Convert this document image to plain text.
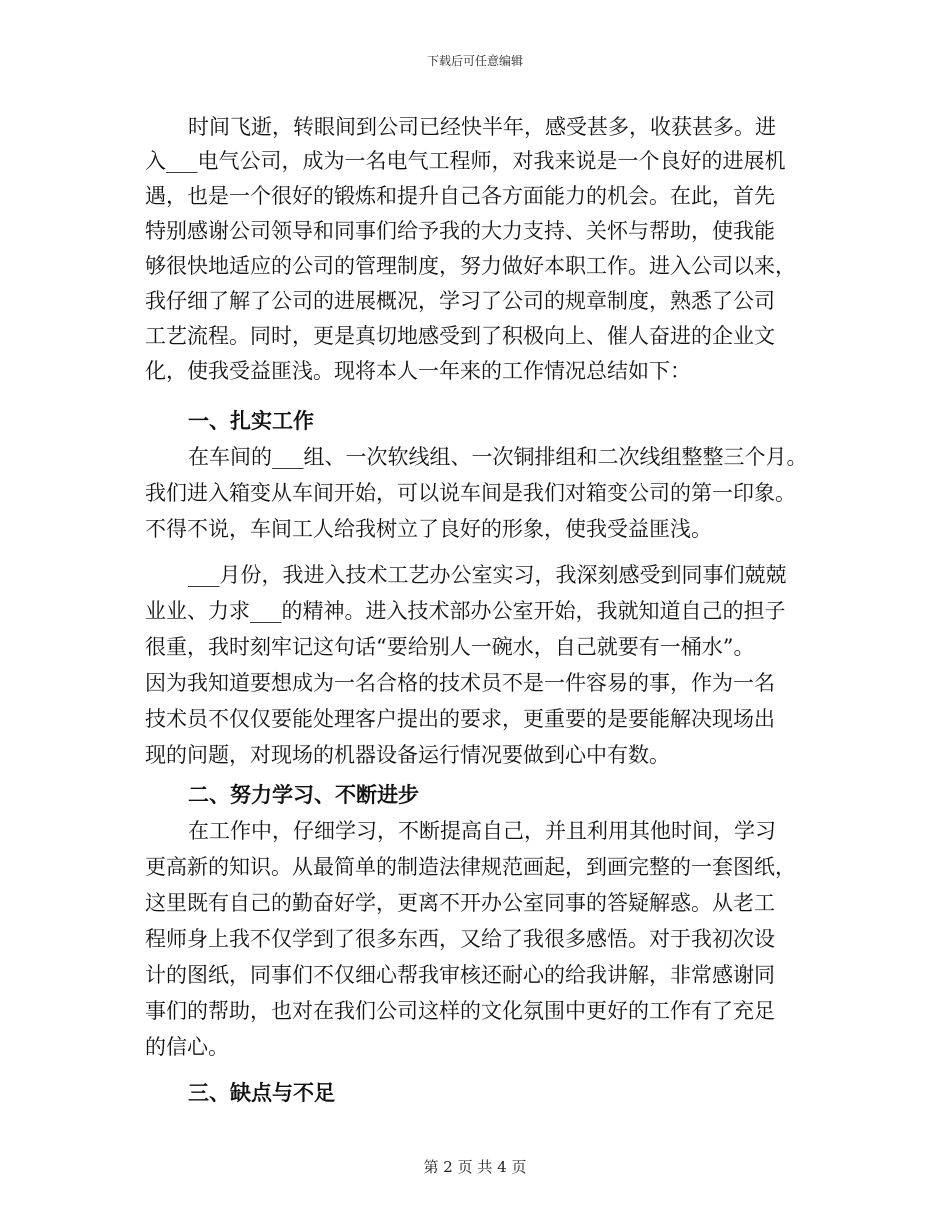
下载后可任意编辑
时间飞逝，转眼间到公司已经快半年，感受甚多，收获甚多。进
入___电气公司，成为一名电气工程师，对我来说是一个良好的进展机
遇，也是一个很好的锻炼和提升自己各方面能力的机会。在此，首先
特别感谢公司领导和同事们给予我的大力支持、关怀与帮助，使我能
够很快地适应的公司的管理制度，努力做好本职工作。进入公司以来，
我仔细了解了公司的进展概况，学习了公司的规章制度，熟悉了公司
工艺流程。同时，更是真切地感受到了积极向上、催人奋进的企业文
化，使我受益匪浅。现将本人一年来的工作情况总结如下：
一、扎实工作
在车间的___组、一次软线组、一次铜排组和二次线组整整三个月。
我们进入箱变从车间开始，可以说车间是我们对箱变公司的第一印象。
不得不说，车间工人给我树立了良好的形象，使我受益匪浅。
___月份，我进入技术工艺办公室实习，我深刻感受到同事们兢兢
业业、力求___的精神。进入技术部办公室开始，我就知道自己的担子
很重，我时刻牢记这句话“要给别人一碗水，自己就要有一桶水”。
因为我知道要想成为一名合格的技术员不是一件容易的事，作为一名
技术员不仅仅要能处理客户提出的要求，更重要的是要能解决现场出
现的问题，对现场的机器设备运行情况要做到心中有数。
二、努力学习、不断进步
在工作中，仔细学习，不断提高自己，并且利用其他时间，学习
更高新的知识。从最简单的制造法律规范画起，到画完整的一套图纸，
这里既有自己的勤奋好学，更离不开办公室同事的答疑解惑。从老工
程师身上我不仅学到了很多东西，又给了我很多感悟。对于我初次设
计的图纸，同事们不仅细心帮我审核还耐心的给我讲解，非常感谢同
事们的帮助，也对在我们公司这样的文化氛围中更好的工作有了充足
的信心。
三、缺点与不足
第 2 页 共 4 页
